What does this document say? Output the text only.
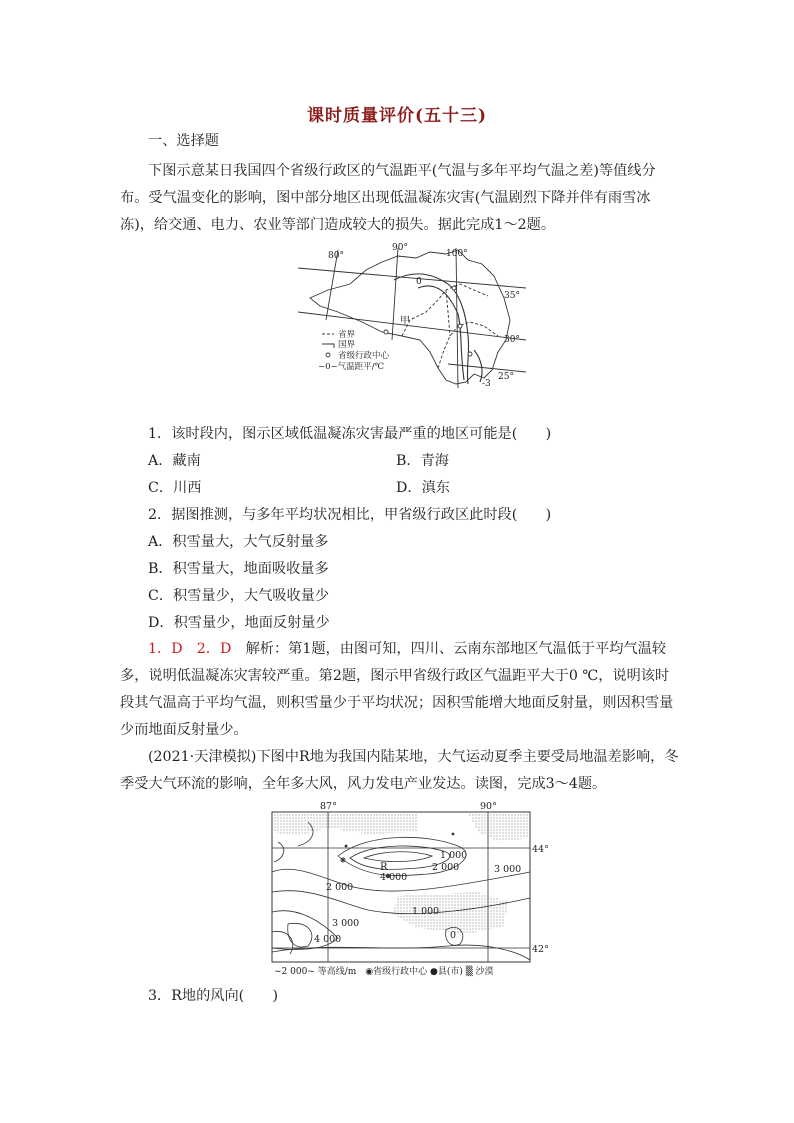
课时质量评价(五十三)
一、选择题
下图示意某日我国四个省级行政区的气温距平(气温与多年平均气温之差)等值线分布。受气温变化的影响，图中部分地区出现低温凝冻灾害(气温剧烈下降并伴有雨雪冰冻)，给交通、电力、农业等部门造成较大的损失。据此完成1～2题。
80°
90°
100°
35°
30°
25°
0
-3
甲
省界
国界
省级行政中心
~0~气温距平/℃
1．该时段内，图示区域低温凝冻灾害最严重的地区可能是(　　)
A．藏南	B．青海
C．川西	D．滇东
2．据图推测，与多年平均状况相比，甲省级行政区此时段(　　)
A．积雪量大，大气反射量多
B．积雪量大，地面吸收量多
C．积雪量少，大气吸收量少
D．积雪量少，地面反射量少
1．D　2．D　解析：第1题，由图可知，四川、云南东部地区气温低于平均气温较多，说明低温凝冻灾害较严重。第2题，图示甲省级行政区气温距平大于0 ℃，说明该时段其气温高于平均气温，则积雪量少于平均状况；因积雪能增大地面反射量，则因积雪量少而地面反射量少。
(2021·天津模拟)下图中R地为我国内陆某地，大气运动夏季主要受局地温差影响，冬季受大气环流的影响，全年多大风，风力发电产业发达。读图，完成3～4题。
87°	90°
44°
42°
1 000
4 000
2 000	3 000
2 000
1 000
3 000
4 000	0
R
~2 000~ 等高线/m　◉省级行政中心 ●县(市) ▒ 沙漠
3．R地的风向(　　)
